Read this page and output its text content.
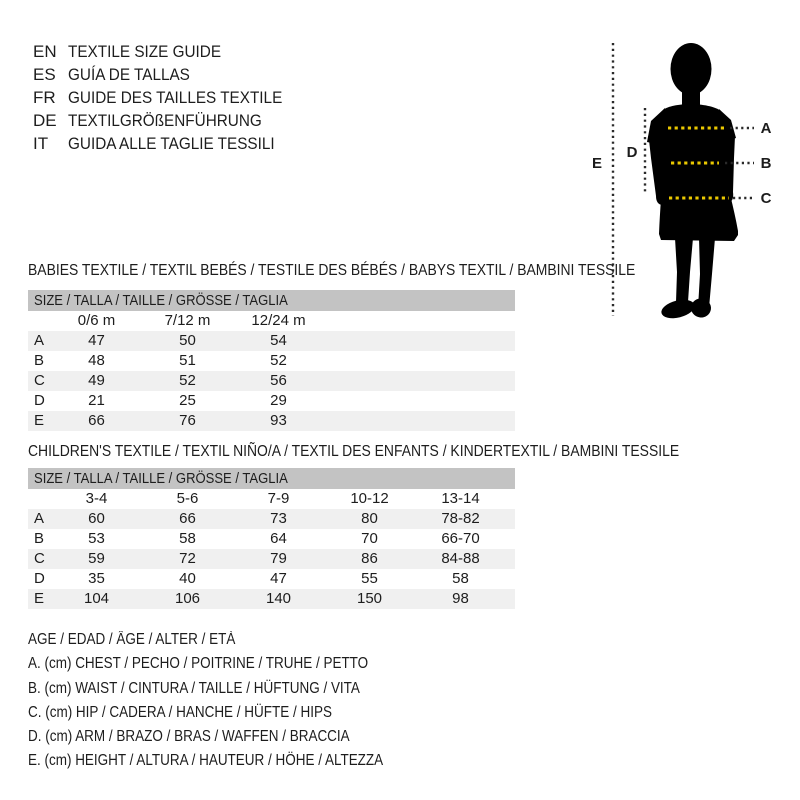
EN TEXTILE SIZE GUIDE
ES GUÍA DE TALLAS
FR GUIDE DES TAILLES TEXTILE
DE TEXTILGRÖßENFÜHRUNG
IT	GUIDA ALLE TAGLIE TESSILI
E
D
A
B
C
BABIES TEXTILE / TEXTIL BEBÉS / TESTILE DES BÉBÉS / BABYS TEXTIL / BAMBINI TESSILE
SIZE / TALLA / TAILLE / GRÖSSE / TAGLIA
0/6 m	7/12 m	12/24 m
A	47	50	54
B	48	51	52
C	49	52	56
D	21	25	29
E	66	76	93
CHILDREN'S TEXTILE / TEXTIL NIÑO/A / TEXTIL DES ENFANTS / KINDERTEXTIL / BAMBINI TESSILE
SIZE / TALLA / TAILLE / GRÖSSE / TAGLIA
3-4	5-6	7-9	10-12	13-14
A	60	66	73	80	78-82
B	53	58	64	70	66-70
C	59	72	79	86	84-88
D	35	40	47	55	58
E	104	106	140	150	98
AGE / EDAD / ÂGE / ALTER / ETÀ
A. (cm) CHEST / PECHO / POITRINE / TRUHE / PETTO
B. (cm) WAIST / CINTURA / TAILLE / HÜFTUNG / VITA
C. (cm) HIP / CADERA / HANCHE / HÜFTE / HIPS
D. (cm) ARM / BRAZO / BRAS / WAFFEN / BRACCIA
E. (cm) HEIGHT / ALTURA / HAUTEUR / HÖHE / ALTEZZA
